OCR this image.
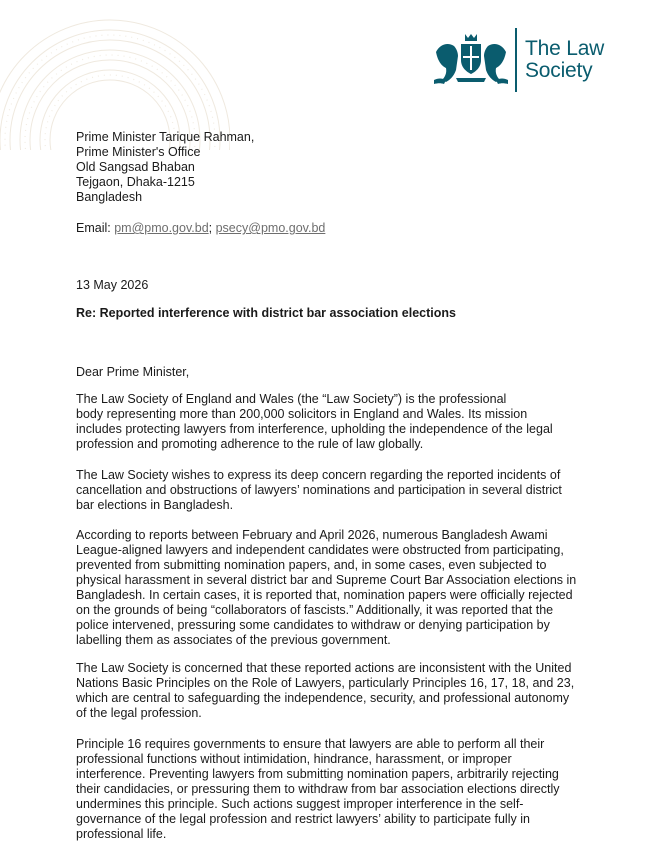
The Law
Society
Prime Minister Tarique Rahman,
Prime Minister's Office
Old Sangsad Bhaban
Tejgaon, Dhaka-1215
Bangladesh
Email: pm@pmo.gov.bd; psecy@pmo.gov.bd
13 May 2026
Re: Reported interference with district bar association elections
Dear Prime Minister,
The Law Society of England and Wales (the “Law Society”) is the professional
body representing more than 200,000 solicitors in England and Wales. Its mission
includes protecting lawyers from interference, upholding the independence of the legal
profession and promoting adherence to the rule of law globally.
The Law Society wishes to express its deep concern regarding the reported incidents of
cancellation and obstructions of lawyers’ nominations and participation in several district
bar elections in Bangladesh.
According to reports between February and April 2026, numerous Bangladesh Awami
League-aligned lawyers and independent candidates were obstructed from participating,
prevented from submitting nomination papers, and, in some cases, even subjected to
physical harassment in several district bar and Supreme Court Bar Association elections in
Bangladesh. In certain cases, it is reported that, nomination papers were officially rejected
on the grounds of being “collaborators of fascists.” Additionally, it was reported that the
police intervened, pressuring some candidates to withdraw or denying participation by
labelling them as associates of the previous government.
The Law Society is concerned that these reported actions are inconsistent with the United
Nations Basic Principles on the Role of Lawyers, particularly Principles 16, 17, 18, and 23,
which are central to safeguarding the independence, security, and professional autonomy
of the legal profession.
Principle 16 requires governments to ensure that lawyers are able to perform all their
professional functions without intimidation, hindrance, harassment, or improper
interference. Preventing lawyers from submitting nomination papers, arbitrarily rejecting
their candidacies, or pressuring them to withdraw from bar association elections directly
undermines this principle. Such actions suggest improper interference in the self-
governance of the legal profession and restrict lawyers’ ability to participate fully in
professional life.
